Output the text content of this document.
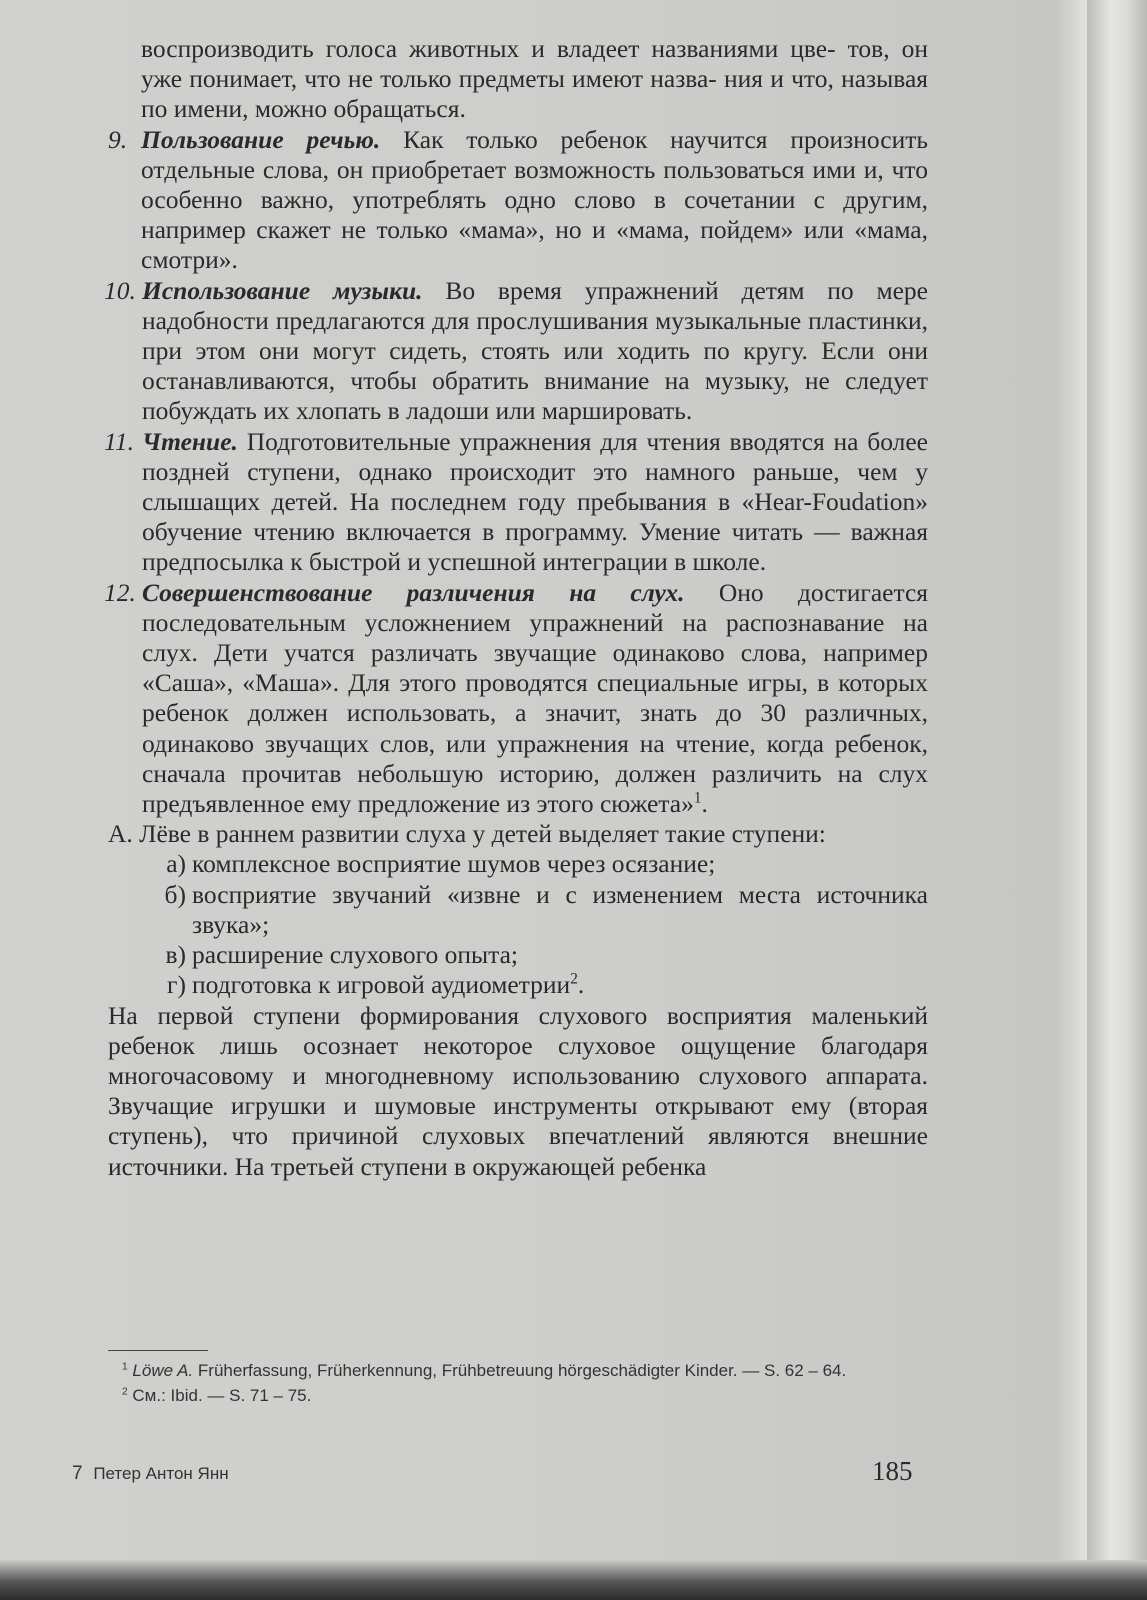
воспроизводить голоса животных и владеет названиями цве- тов, он уже понимает, что не только предметы имеют назва- ния и что, называя по имени, можно обращаться.

9. Пользование речью. Как только ребенок научится произносить отдельные слова, он приобретает возможность пользоваться ими и, что особенно важно, употреблять одно слово в сочетании с другим, например скажет не только «мама», но и «мама, пойдем» или «мама, смотри».

10. Использование музыки. Во время упражнений детям по мере надобности предлагаются для прослушивания музыкальные пластинки, при этом они могут сидеть, стоять или ходить по кругу. Если они останавливаются, чтобы обратить внимание на музыку, не следует побуждать их хлопать в ладоши или маршировать.

11. Чтение. Подготовительные упражнения для чтения вводятся на более поздней ступени, однако происходит это намного раньше, чем у слышащих детей. На последнем году пребывания в «Hear-Foudation» обучение чтению включается в программу. Умение читать — важная предпосылка к быстрой и успешной интеграции в школе.

12. Совершенствование различения на слух. Оно достигается последовательным усложнением упражнений на распознавание на слух. Дети учатся различать звучащие одинаково слова, например «Саша», «Маша». Для этого проводятся специальные игры, в которых ребенок должен использовать, а значит, знать до 30 различных, одинаково звучащих слов, или упражнения на чтение, когда ребенок, сначала прочитав небольшую историю, должен различить на слух предъявленное ему предложение из этого сюжета»$^1$.

А. Лёве в раннем развитии слуха у детей выделяет такие ступени:

а) комплексное восприятие шумов через осязание;

б) восприятие звучаний «извне и с изменением места источника звука»;

в) расширение слухового опыта;

г) подготовка к игровой аудиометрии$^2$.

На первой ступени формирования слухового восприятия маленький ребенок лишь осознает некоторое слуховое ощущение благодаря многочасовому и многодневному использованию слухового аппарата. Звучащие игрушки и шумовые инструменты открывают ему (вторая ступень), что причиной слуховых впечатлений являются внешние источники. На третьей ступени в окружающей ребенка

$^1$ Löwe A. Früherfassung, Früherkennung, Frühbetreuung hörgeschädigter Kinder. — S. 62 – 64.

$^2$ См.: Ibid. — S. 71 – 75.

7 Петер Антон Янн	185
